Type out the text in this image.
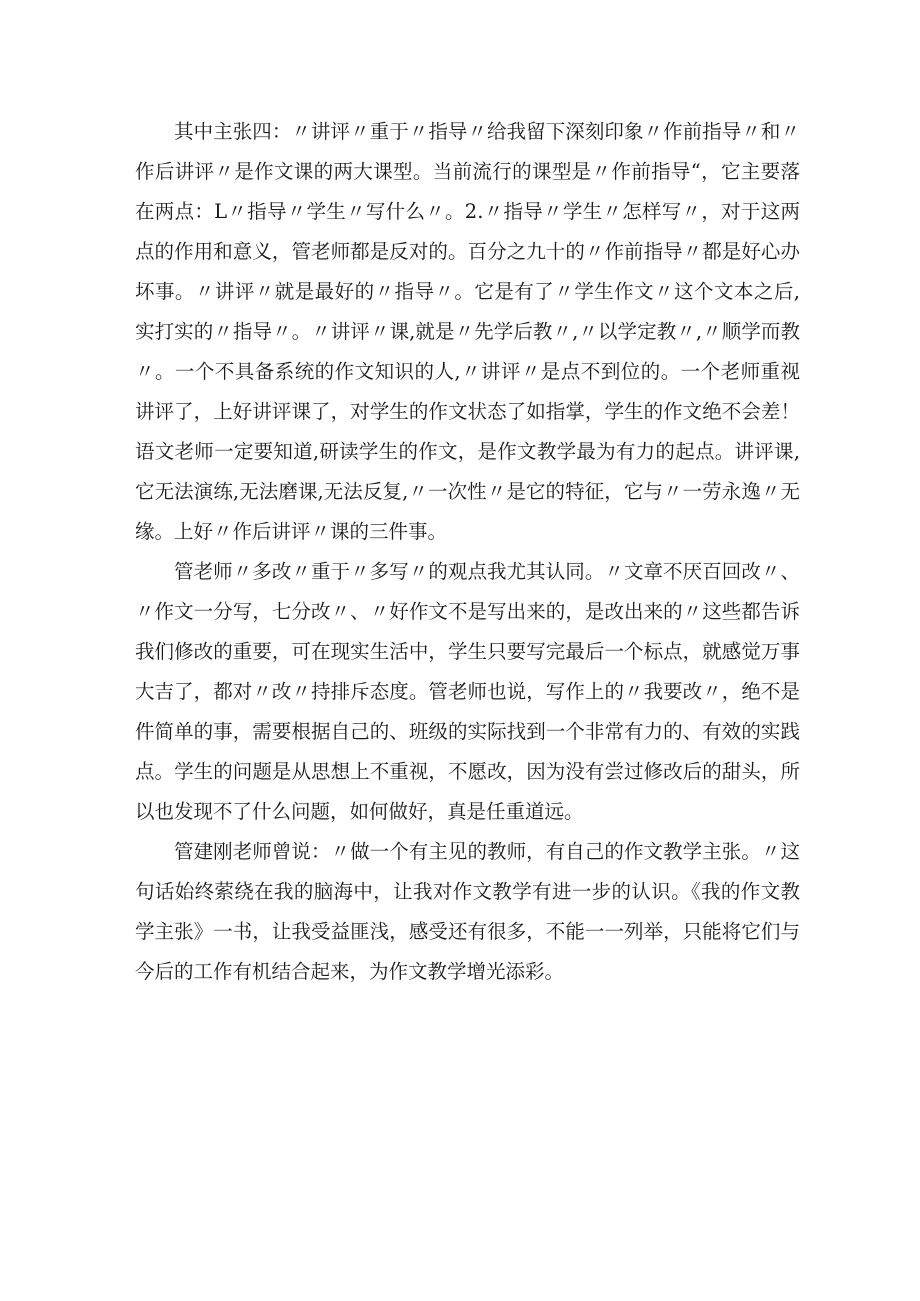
其中主张四：〃讲评〃重于〃指导〃给我留下深刻印象〃作前指导〃和〃作后讲评〃是作文课的两大课型。当前流行的课型是〃作前指导“，它主要落在两点：L〃指导〃学生〃写什么〃。2.〃指导〃学生〃怎样写〃，对于这两点的作用和意义，管老师都是反对的。百分之九十的〃作前指导〃都是好心办坏事。〃讲评〃就是最好的〃指导〃。它是有了〃学生作文〃这个文本之后,实打实的〃指导〃。〃讲评〃课,就是〃先学后教〃,〃以学定教〃,〃顺学而教〃。一个不具备系统的作文知识的人,〃讲评〃是点不到位的。一个老师重视讲评了，上好讲评课了，对学生的作文状态了如指掌，学生的作文绝不会差！语文老师一定要知道,研读学生的作文，是作文教学最为有力的起点。讲评课,它无法演练,无法磨课,无法反复,〃一次性〃是它的特征，它与〃一劳永逸〃无缘。上好〃作后讲评〃课的三件事。

管老师〃多改〃重于〃多写〃的观点我尤其认同。〃文章不厌百回改〃、〃作文一分写，七分改〃、〃好作文不是写出来的，是改出来的〃这些都告诉我们修改的重要，可在现实生活中，学生只要写完最后一个标点，就感觉万事大吉了，都对〃改〃持排斥态度。管老师也说，写作上的〃我要改〃，绝不是件简单的事，需要根据自己的、班级的实际找到一个非常有力的、有效的实践点。学生的问题是从思想上不重视，不愿改，因为没有尝过修改后的甜头，所以也发现不了什么问题，如何做好，真是任重道远。

管建刚老师曾说：〃做一个有主见的教师，有自己的作文教学主张。〃这句话始终萦绕在我的脑海中，让我对作文教学有进一步的认识。《我的作文教学主张》一书，让我受益匪浅，感受还有很多，不能一一列举，只能将它们与今后的工作有机结合起来，为作文教学增光添彩。
